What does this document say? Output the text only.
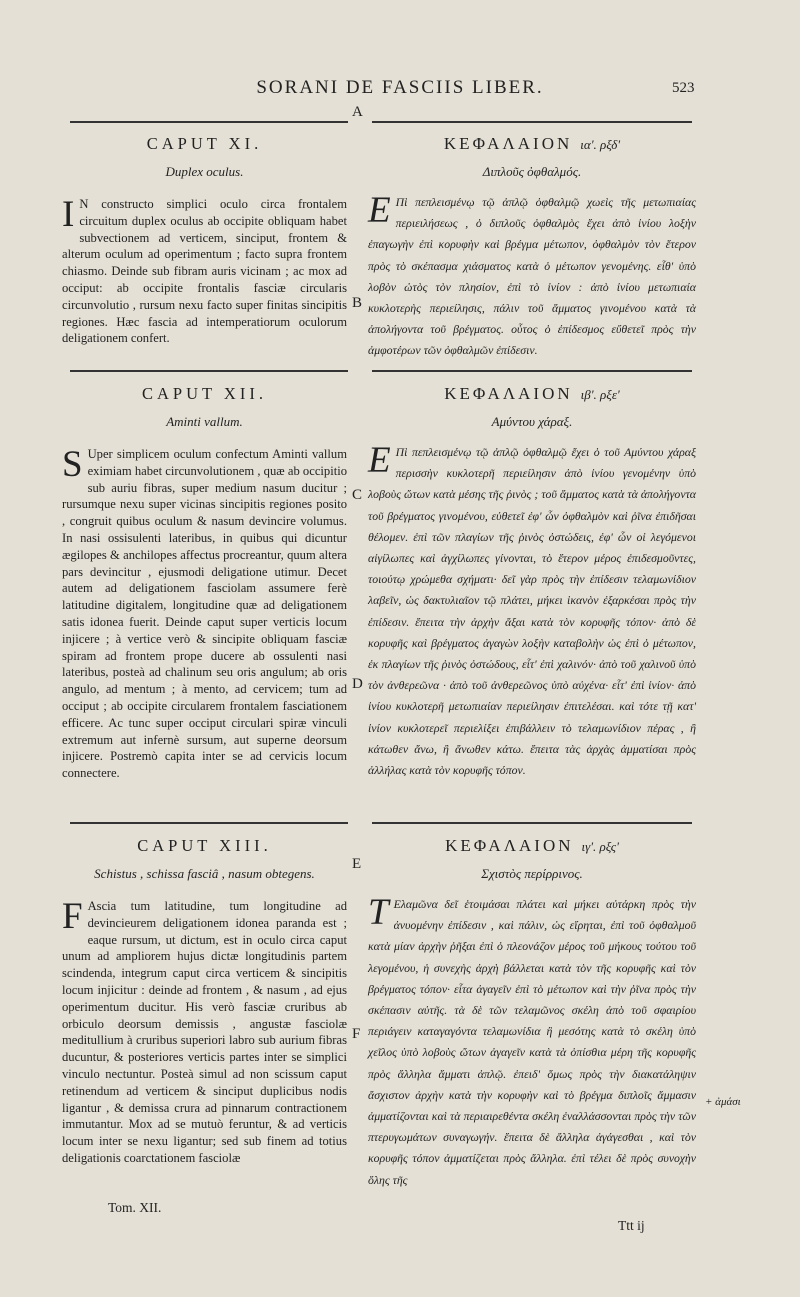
SORANI DE FASCIIS LIBER.	523
A
B
C
D
E
F
CAPUT XI.
Duplex oculus.
I N constructo simplici oculo circa frontalem circuitum duplex oculus ab occipite obliquam habet subvectionem ad verticem, sinciput, frontem & alterum oculum ad operimentum ; facto supra frontem chiasmo. Deinde sub fibram auris vicinam ; ac mox ad occiput: ab occipite frontalis fasciæ circularis circunvolutio , rursum nexu facto super finitas sincipitis regiones. Hæc fascia ad intemperatiorum oculorum deligationem confert.
CAPUT XII.
Aminti vallum.
S Uper simplicem oculum confectum Aminti vallum eximiam habet circunvolutionem , quæ ab occipitio sub auriu fibras, super medium nasum ducitur ; rursumque nexu super vicinas sincipitis regiones posito , congruit quibus oculum & nasum devincire volumus. In nasi ossisulenti lateribus, in quibus qui dicuntur ægilopes & anchilopes affectus procreantur, quum altera pars devincitur , ejusmodi deligatione utimur. Decet autem ad deligationem fasciolam assumere ferè latitudine digitalem, longitudine quæ ad deligationem satis idonea fuerit. Deinde caput super verticis locum injicere ; à vertice verò & sincipite obliquam fasciæ spiram ad frontem prope ducere ab ossulenti nasi lateribus, posteà ad chalinum seu oris angulum; ab oris angulo, ad mentum ; à mento, ad cervicem; tum ad occiput ; ab occipite circularem frontalem fasciationem efficere. Ac tunc super occiput circulari spiræ vinculi extremum aut infernè sursum, aut superne deorsum injicere. Postremò capita inter se ad cervicis locum connectere.
CAPUT XIII.
Schistus , schissa fasciâ , nasum obtegens.
F Ascia tum latitudine, tum longitudine ad devincieurem deligationem idonea paranda est ; eaque rursum, ut dictum, est in oculo circa caput unum ad ampliorem hujus dictæ longitudinis partem scindenda, integrum caput circa verticem & sincipitis locum injicitur : deinde ad frontem , & nasum , ad ejus operimentum ducitur. His verò fasciæ cruribus ab orbiculo deorsum demissis , angustæ fasciolæ meditullium à cruribus superiori labro sub aurium fibras ducuntur, & posteriores verticis partes inter se simplici vinculo nectuntur. Posteà simul ad non scissum caput retinendum ad verticem & sinciput duplicibus nodis ligantur , & demissa crura ad pinnarum contractionem immutantur. Mox ad se mutuò feruntur, & ad verticis locum inter se nexu ligantur; sed sub finem ad totius deligationis coarctationem fasciolæ
ΚΕΦΑΛΑΙΟΝ ια'. ρξδ'
Διπλοῦς ὀφθαλμός.
Ε Πὶ πεπλεισμένῳ τῷ ἁπλῷ ὀφθαλμῷ χωεὶς τῆς μετωπιαίας περιειλήσεως , ὁ διπλοῦς ὀφθαλμὸς ἔχει ἀπὸ ἰνίου λοξὴν ἐπαγωγὴν ἐπὶ κορυφὴν καὶ βρέγμα μέτωπον, ὀφθαλμὸν τὸν ἕτερον πρὸς τὸ σκέπασμα χιάσματος κατὰ ὁ μέτωπον γενομένης. εἶθ' ὑπὸ λοβὸν ὠτὸς τὸν πλησίον, ἐπὶ τὸ ἰνίον : ἀπὸ ἰνίου μετωπιαία κυκλοτερὴς περιείλησις, πάλιν τοῦ ἅμματος γινομένου κατὰ τὰ ἀπολήγοντα τοῦ βρέγματος. οὗτος ὁ ἐπίδεσμος εὔθετεῖ πρὸς τὴν ἀμφοτέρων τῶν ὀφθαλμῶν ἐπίδεσιν.
ΚΕΦΑΛΑΙΟΝ ιβ'. ρξε'
Αμύντου χάραξ.
Ε Πὶ πεπλεισμένῳ τῷ ἁπλῷ ὀφθαλμῷ ἔχει ὁ τοῦ Αμύντου χάραξ περισσὴν κυκλοτερῆ περιείλησιν ἀπὸ ἰνίου γενομένην ὑπὸ λοβοὺς ὤτων κατὰ μέσης τῆς ῥινὸς ; τοῦ ἅμματος κατὰ τὰ ἀπολήγοντα τοῦ βρέγματος γινομένου, εὐθετεῖ ἐφ' ὧν ὀφθαλμὸν καὶ ῥῖνα ἐπιδῆσαι θέλομεν. ἐπὶ τῶν πλαγίων τῆς ῥινὸς ὀστώδεις, ἐφ' ὧν οἱ λεγόμενοι αἰγίλωπες καὶ ἀγχίλωπες γίνονται, τὸ ἕτερον μέρος ἐπιδεσμοῦντες, τοιούτῳ χρώμεθα σχήματι· δεῖ γὰρ πρὸς τὴν ἐπίδεσιν τελαμωνίδιον λαβεῖν, ὡς δακτυλιαῖον τῷ πλάτει, μήκει ἱκανὸν ἐξαρκέσαι πρὸς τὴν ἐπίδεσιν. ἔπειτα τὴν ἀρχὴν ἄξαι κατὰ τὸν κορυφῆς τόπον· ἀπὸ δὲ κορυφῆς καὶ βρέγματος ἀγαγὼν λοξὴν καταβολὴν ὡς ἐπὶ ὁ μέτωπον, ἐκ πλαγίων τῆς ῥινὸς ὀστώδους, εἶτ' ἐπὶ χαλινόν· ἀπὸ τοῦ χαλινοῦ ὑπὸ τὸν ἀνθερεῶνα · ἀπὸ τοῦ ἀνθερεῶνος ὑπὸ αὐχένα· εἶτ' ἐπὶ ἰνίον· ἀπὸ ἰνίου κυκλοτερῆ μετωπιαίαν περιείλησιν ἐπιτελέσαι. καὶ τότε τῇ κατ' ἰνίον κυκλοτερεῖ περιελίξει ἐπιβάλλειν τὸ τελαμωνίδιον πέρας , ἢ κάτωθεν ἄνω, ἢ ἄνωθεν κάτω. ἔπειτα τὰς ἀρχὰς ἀμματίσαι πρὸς ἀλλήλας κατὰ τὸν κορυφῆς τόπον.
ΚΕΦΑΛΑΙΟΝ ιγ'. ρξς'
Σχιστὸς περίρρινος.
Τ Ελαμῶνα δεῖ ἑτοιμάσαι πλάτει καὶ μήκει αὐτάρκη πρὸς τὴν ἀνυομένην ἐπίδεσιν , καὶ πάλιν, ὡς εἴρηται, ἐπὶ τοῦ ὀφθαλμοῦ κατὰ μίαν ἀρχὴν ῥῆξαι ἐπὶ ὁ πλεονάζον μέρος τοῦ μήκους τούτου τοῦ λεγομένου, ἡ συνεχὴς ἀρχὴ βάλλεται κατὰ τὸν τῆς κορυφῆς καὶ τὸν βρέγματος τόπον· εἶτα ἀγαγεῖν ἐπὶ τὸ μέτωπον καὶ τὴν ῥῖνα πρὸς τὴν σκέπασιν αὐτῆς. τὰ δὲ τῶν τελαμῶνος σκέλη ἀπὸ τοῦ σφαιρίου περιάγειν καταγαγόντα τελαμωνίδια ἢ μεσότης κατὰ τὸ σκέλη ὑπὸ χεῖλος ὑπὸ λοβοὺς ὤτων ἀγαγεῖν κατὰ τὰ ὀπίσθια μέρη τῆς κορυφῆς πρὸς ἄλληλα ἅμματι ἁπλῷ. ἐπειδ' ὅμως πρὸς τὴν διακατάληψιν ἄσχιστον ἀρχὴν κατὰ τὴν κορυφὴν καὶ τὸ βρέγμα διπλοῖς ἅμμασιν ἀμματίζονται καὶ τὰ περιαιρεθέντα σκέλη ἐναλλάσσονται πρὸς τὴν τῶν πτερυγωμάτων συναγωγήν. ἔπειτα δὲ ἄλληλα ἀγάγεσθαι , καὶ τὸν κορυφῆς τόπον ἀμματίζεται πρὸς ἄλληλα. ἐπὶ τέλει δὲ πρὸς συνοχὴν ὅλης τῆς
+ ἀμάσι
Tom. XII.
Ttt ij
